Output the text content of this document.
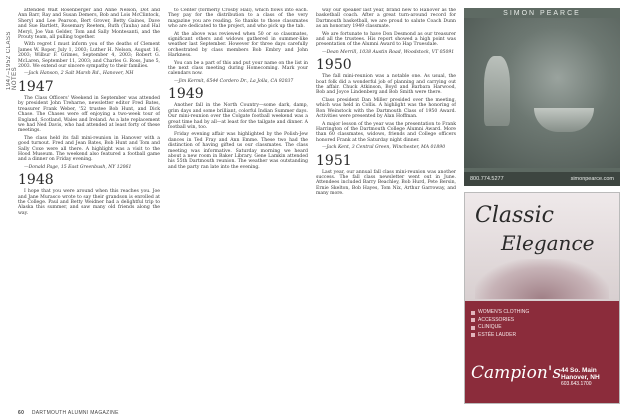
1947–1952 CLASS NOTES

attended Walt Rosenberger and Anne Nelson, Dot and Ann Barr, Ray and Susan Demers, Bob and Lois McClintock, Sheryl and Lee Pearson, Bert Grover, Betty Gaines, Dave and Sue Bartlett, Rosemary Reetem, Ruth (Tauba) and Hal Meryl, Joe Van Gelder, Tom and Sally Montesanti, and the Prouty team, all pulling together.

With regret I must inform you of the deaths of Clement James W. Roper, July 1, 2003; Luther H. Nelson, August 16, 2003; Wilbur F. Grimes, September 4, 2003; Robert G. McLaren, September 11, 2003; and Charles G. Ross, June 5, 2003. We extend our sincere sympathy to their families.

—Jack Hanson, 2 Salt Marsh Rd., Hanover, NH

1947

The Class Officers' Weekend in September was attended by president John Treharne, newsletter editor Fred Bates, treasurer Frank Weber, '52 trustee Bob Hunt, and Dick Chase. The Chases were off enjoying a two-week tour of England, Scotland, Wales and Ireland. As a late replacement we had Ned Davis, who had attended at least forty of these meetings.

The class held its fall mini-reunion in Hanover with a good turnout. Fred and Jean Bates, Bob Hunt and Tom and Sally Coxe were all there. A highlight was a visit to the Hood Museum. The weekend also featured a football game and a dinner on Friday evening.

—Donald Page, 15 East Greenbush, NY 12061

1948

I hope that you were around when this reaches you. Joe and Jane Murasco wrote to say their grandson is enrolled at the College. Paul and Betty Weidner had a delightful trip to Alaska this summer, and saw many old friends along the way.

to Center (formerly Crosby Hall), which flows into each. They pay for the distribution to a class of the very magazine you are reading. So thanks to those classmates who are dedicated to the project, and who pick up the tab.

At the above was reviewed when 50 or so classmates, significant others and widows gathered in summer-like weather last September. However for three days carefully orchestrated by class members Bob Embry and John Harkness.

You can be a part of this and put your name on the list in the next class meeting during Homecoming. Mark your calendars now.

—Jim Kermit, 6544 Cordero Dr., La Jolla, CA 92037

1949

Another fall in the North Country—some dark, damp, grim days and some brilliant, colorful Indian Summer days. Our mini-reunion over the Colgate football weekend was a great time had by all—at least for the tailgate and dinner. A football win, too.

Friday evening affair was highlighted by the Polish-Jew dances in Ted Fray and Ann Emme. These two had the distinction of having gifted us our classmates. The class meeting was informative. Saturday morning we heard about a new room in Baker Library. Gene Lamkin attended his 55th Dartmouth reunion. The weather was outstanding and the party ran late into the evening.

way our speaker last year, brand new to Hanover as the basketball coach. After a great turn-around record for Dartmouth basketball, we are proud to salute Coach Dunn as an honorary 1949 classmate.

We are fortunate to have Don Desmond as our treasurer and all the trustees. His report showed a high point was presentation of the Alumni Award to Hap Truesdale.

—Dean Merrill, 1038 Austin Road, Woodstock, VT 05091

1950

The fall mini-reunion was a notable one. As usual, the boat folk did a wonderful job of planning and carrying out the affair. Chuck Atkinson, Boyd and Barbara Harwood, Bob and Joyce Lindenberg and Bob Smith were there.

Class president Dan Miller presided over the meeting, which was held in Collis. A highlight was the honoring of Ron Weinstock with the Dartmouth Class of 1950 Award. Activities were presented by Alan Hoffman.

A major lesson of the year was the presentation to Frank Harrington of the Dartmouth College Alumni Award. More than 60 classmates, widows, friends and College officers honored Frank at the Saturday night dinner.

—Jack Kent, 3 Central Green, Winchester, MA 01890

1951

Last year, our annual fall class mini-reunion was another success. The fall class newsletter went out in June. Attendees included Barry Beachley, Bob Hurd, Pete Bersin, Ernie Skelton, Bob Hayes, Tom Nix, Arthur Garroway, and many more.

SIMON PEARCE
800.774.5277	simonpearce.com
Classic
Elegance
WOMEN'S CLOTHING
ACCESSORIES
CLINIQUE
ESTÉE LAUDER
Campion's 44 So. Main
Hanover, NH
603.643.1700
60 DARTMOUTH ALUMNI MAGAZINE
